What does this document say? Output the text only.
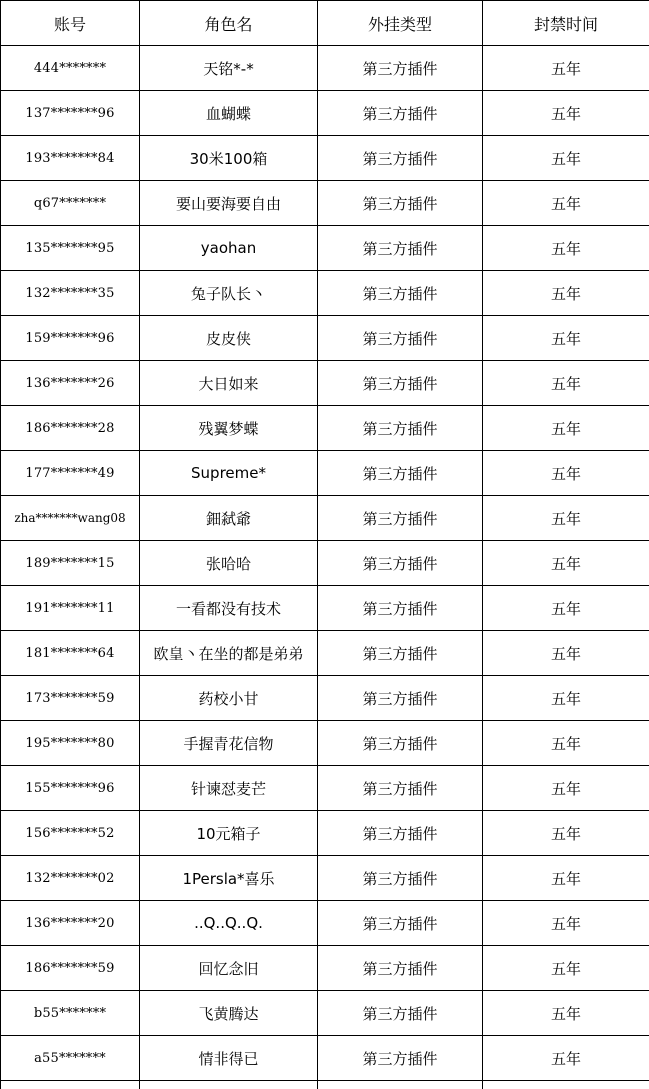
账号	角色名	外挂类型	封禁时间
444*******	天铭*-*	第三方插件	五年
137*******96	血蝴蝶	第三方插件	五年
193*******84	30米100箱	第三方插件	五年
q67*******	要山要海要自由	第三方插件	五年
135*******95	yaohan	第三方插件	五年
132*******35	兔子队长丶	第三方插件	五年
159*******96	皮皮侠	第三方插件	五年
136*******26	大日如来	第三方插件	五年
186*******28	残翼梦蝶	第三方插件	五年
177*******49	Supreme*	第三方插件	五年
zha*******wang08	鈿弑爺	第三方插件	五年
189*******15	张哈哈	第三方插件	五年
191*******11	一看都没有技术	第三方插件	五年
181*******64	欧皇丶在坐的都是弟弟	第三方插件	五年
173*******59	药校小甘	第三方插件	五年
195*******80	手握青花信物	第三方插件	五年
155*******96	针谏怼麦芒	第三方插件	五年
156*******52	10元箱子	第三方插件	五年
132*******02	1Persla*喜乐	第三方插件	五年
136*******20	..Q..Q..Q.	第三方插件	五年
186*******59	回忆念旧	第三方插件	五年
b55*******	飞黄腾达	第三方插件	五年
a55*******	情非得已	第三方插件	五年
